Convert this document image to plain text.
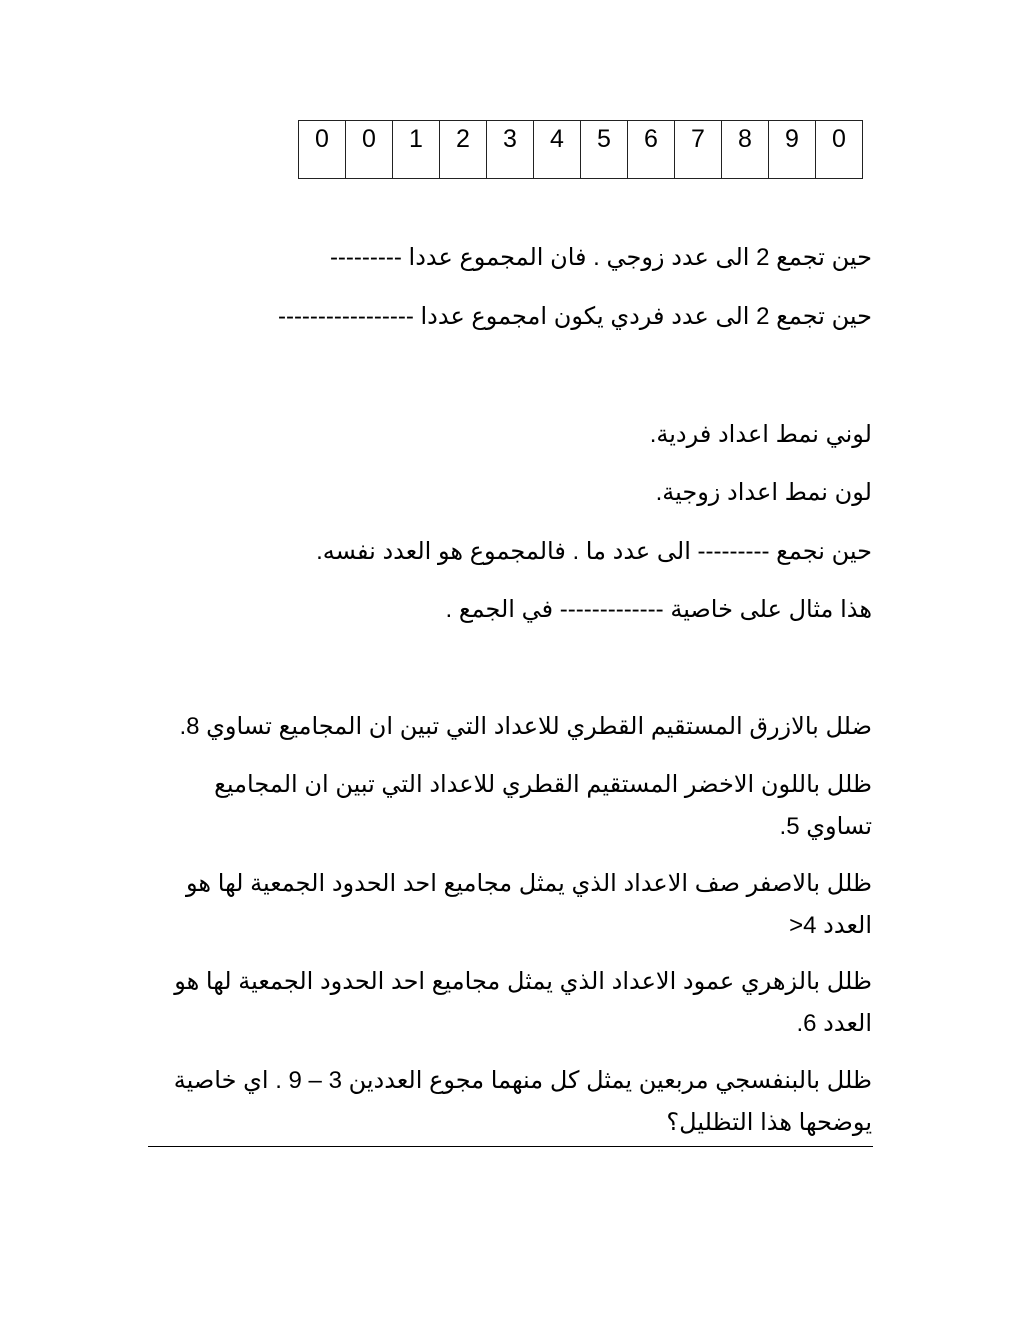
0	0	1	2	3	4	5	6	7	8	9	0
حين تجمع 2 الى عدد زوجي . فان المجموع عددا ---------
حين تجمع 2 الى عدد فردي يكون امجموع عددا -----------------
لوني نمط اعداد فردية.
لون نمط اعداد زوجية.
حين نجمع --------- الى عدد ما . فالمجموع هو العدد نفسه.
هذا مثال على خاصية ------------- في الجمع .
ضلل بالازرق المستقيم القطري للاعداد التي تبين ان المجاميع تساوي 8.
ظلل باللون الاخضر المستقيم القطري للاعداد التي تبين ان المجاميع تساوي 5.
ظلل بالاصفر صف الاعداد الذي يمثل مجاميع احد الحدود الجمعية لها هو العدد 4<
ظلل بالزهري عمود الاعداد الذي يمثل مجاميع احد الحدود الجمعية لها هو العدد 6.
ظلل بالبنفسجي مربعين يمثل كل منهما مجوع العددين 3 – 9 . اي خاصية يوضحها هذا التظليل؟
